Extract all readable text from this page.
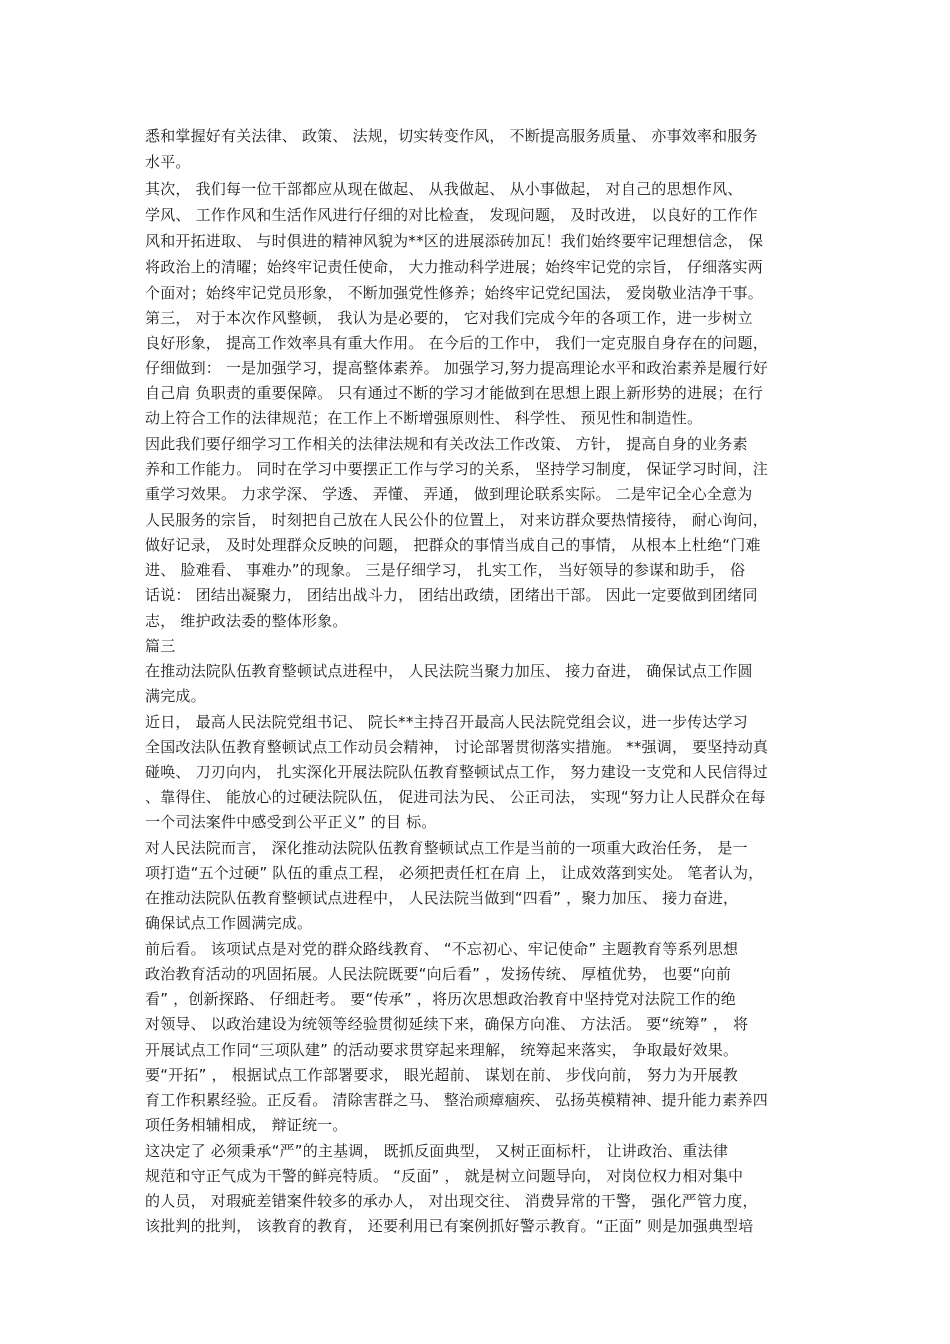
悉和掌握好有关法律、 政策、 法规，切实转变作风， 不断提高服务质量、 亦事效率和服务
水平。
其次， 我们每一位干部都应从现在做起、 从我做起、 从小事做起， 对自己的思想作风、
学风、 工作作风和生活作风进行仔细的对比检查， 发现问题， 及时改进， 以良好的工作作
风和开拓进取、 与时俱进的精神风貌为**区的进展添砖加瓦！我们始终要牢记理想信念， 保
将政治上的清曜；始终牢记责任使命， 大力推动科学进展；始终牢记党的宗旨， 仔细落实两
个面对；始终牢记党员形象， 不断加强党性修养；始终牢记党纪国法， 爱岗敬业洁净干事。
第三， 对于本次作风整顿， 我认为是必要的， 它对我们完成今年的各项工作，进一步树立
良好形象， 提高工作效率具有重大作用。 在今后的工作中， 我们一定克服自身存在的问题，
仔细做到： 一是加强学习，提高整体素养。 加强学习,努力提高理论水平和政治素养是履行好
自己肩 负职责的重要保障。 只有通过不断的学习才能做到在思想上跟上新形势的进展；在行
动上符合工作的法律规范；在工作上不断增强原则性、 科学性、 预见性和制造性。
因此我们要仔细学习工作相关的法律法规和有关改法工作改策、 方针， 提高自身的业务素
养和工作能力。 同时在学习中要摆正工作与学习的关系， 坚持学习制度， 保证学习时间，注
重学习效果。 力求学深、 学透、 弄懂、 弄通， 做到理论联系实际。 二是牢记全心全意为
人民服务的宗旨， 时刻把自己放在人民公仆的位置上， 对来访群众要热情接待， 耐心询问，
做好记录， 及时处理群众反映的问题， 把群众的事情当成自己的事情， 从根本上杜绝“门难
进、 脸难看、 事难办”的现象。 三是仔细学习， 扎实工作， 当好领导的参谋和助手， 俗
话说： 团结出凝聚力， 团结出战斗力， 团结出政绩，团绪出干部。 因此一定要做到团绪同
志， 维护政法委的整体形象。
篇三
在推动法院队伍教育整顿试点进程中， 人民法院当聚力加压、 接力奋进， 确保试点工作圆
满完成。
近日， 最高人民法院党组书记、 院长**主持召开最高人民法院党组会议，进一步传达学习
全国改法队伍教育整顿试点工作动员会精神， 讨论部署贯彻落实措施。 **强调， 要坚持动真
碰唤、 刀刃向内， 扎实深化开展法院队伍教育整顿试点工作， 努力建设一支党和人民信得过
、靠得住、 能放心的过硬法院队伍， 促进司法为民、 公正司法， 实现“努力让人民群众在每
一个司法案件中感受到公平正义” 的目 标。
对人民法院而言， 深化推动法院队伍教育整顿试点工作是当前的一项重大政治任务， 是一
项打造“五个过硬” 队伍的重点工程， 必须把责任杠在肩 上， 让成效落到实处。 笔者认为，
在推动法院队伍教育整顿试点进程中， 人民法院当做到“四看” ，聚力加压、 接力奋进，
确保试点工作圆满完成。
前后看。 该项试点是对党的群众路线教育、 “不忘初心、牢记使命” 主题教育等系列思想
政治教育活动的巩固拓展。人民法院既要“向后看” ，发扬传统、 厚植优势， 也要“向前
看” ，创新探路、 仔细赶考。 要“传承” ，将历次思想政治教育中坚持党对法院工作的绝
对领导、 以政治建设为统领等经验贯彻延续下来，确保方向准、 方法活。 要“统筹” ， 将
开展试点工作同“三项队建” 的活动要求贯穿起来理解， 统筹起来落实， 争取最好效果。
要“开拓” ， 根据试点工作部署要求， 眼光超前、 谋划在前、 步伐向前， 努力为开展教
育工作积累经验。正反看。 清除害群之马、 整治顽瘴痼疾、 弘扬英模精神、提升能力素养四
项任务相辅相成， 辩证统一。
这决定了 必须秉承“严”的主基调， 既抓反面典型， 又树正面标杆， 让讲政治、重法律
规范和守正气成为干警的鲜亮特质。 “反面” ， 就是树立问题导向， 对岗位权力相对集中
的人员， 对瑕疵差错案件较多的承办人， 对出现交往、 消费异常的干警， 强化严管力度，
该批判的批判， 该教育的教育， 还要利用已有案例抓好警示教育。“正面” 则是加强典型培
